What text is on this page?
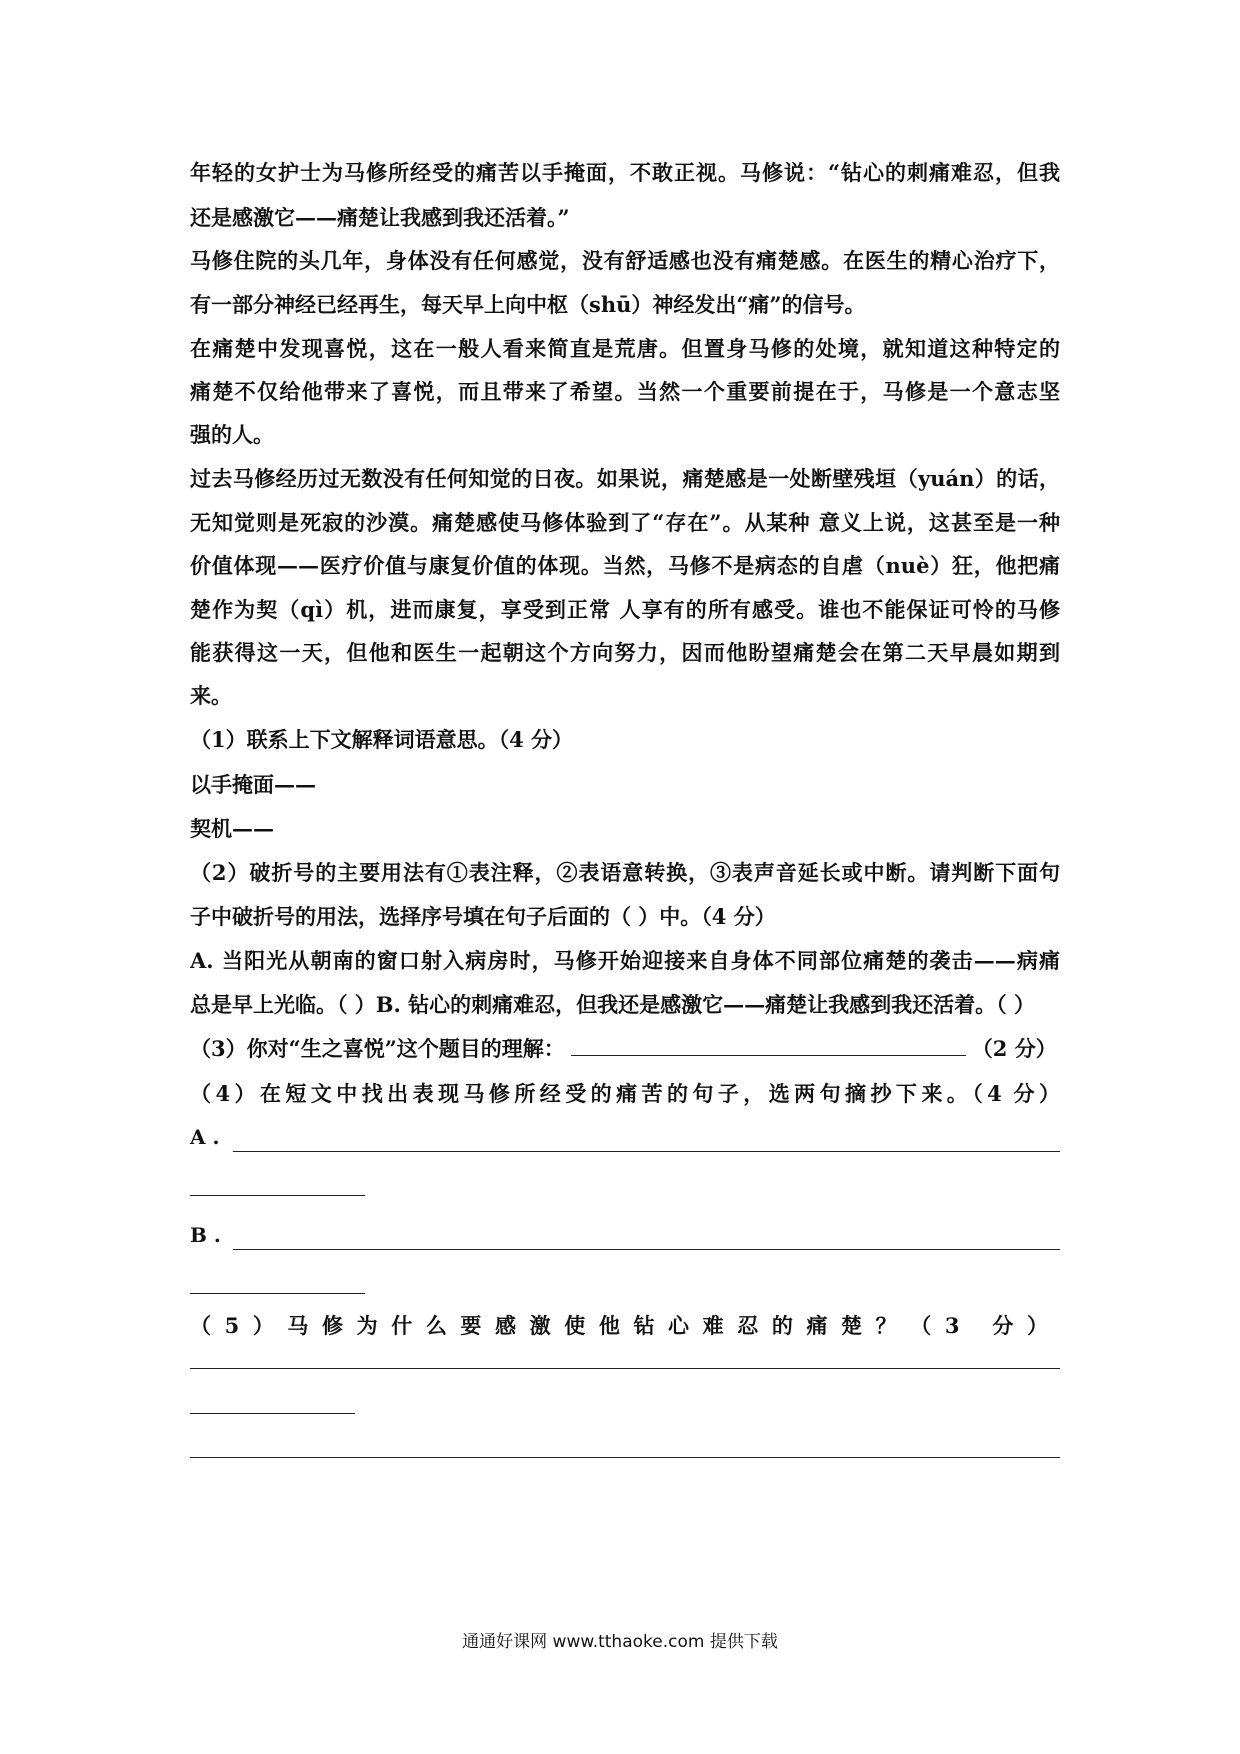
年轻的女护士为马修所经受的痛苦以手掩面，不敢正视。马修说：“钻心的刺痛难忍，但我
还是感激它——痛楚让我感到我还活着。”
马修住院的头几年，身体没有任何感觉，没有舒适感也没有痛楚感。在医生的精心治疗下，
有一部分神经已经再生，每天早上向中枢（shū）神经发出“痛”的信号。
在痛楚中发现喜悦，这在一般人看来简直是荒唐。但置身马修的处境，就知道这种特定的
痛楚不仅给他带来了喜悦，而且带来了希望。当然一个重要前提在于，马修是一个意志坚
强的人。
过去马修经历过无数没有任何知觉的日夜。如果说，痛楚感是一处断壁残垣（yuán）的话，
无知觉则是死寂的沙漠。痛楚感使马修体验到了“存在”。从某种 意义上说，这甚至是一种
价值体现——医疗价值与康复价值的体现。当然，马修不是病态的自虐（nuè）狂，他把痛
楚作为契（qì）机，进而康复，享受到正常 人享有的所有感受。谁也不能保证可怜的马修
能获得这一天，但他和医生一起朝这个方向努力，因而他盼望痛楚会在第二天早晨如期到
来。
（1）联系上下文解释词语意思。（4 分）
以手掩面——
契机——
（2）破折号的主要用法有①表注释，②表语意转换，③表声音延长或中断。请判断下面句
子中破折号的用法，选择序号填在句子后面的（ ）中。（4 分）
A. 当阳光从朝南的窗口射入病房时，马修开始迎接来自身体不同部位痛楚的袭击——病痛
总是早上光临。（ ）B. 钻心的刺痛难忍，但我还是感激它——痛楚让我感到我还活着。（ ）
（3）你对“生之喜悦”这个题目的理解：	（2 分）
（4）在短文中找出表现马修所经受的痛苦的句子，选两句摘抄下来。（4 分）
A .
B .
（5）马修为什么要感激使他钻心难忍的痛楚？（3 分）
通通好课网 www.tthaoke.com 提供下载
